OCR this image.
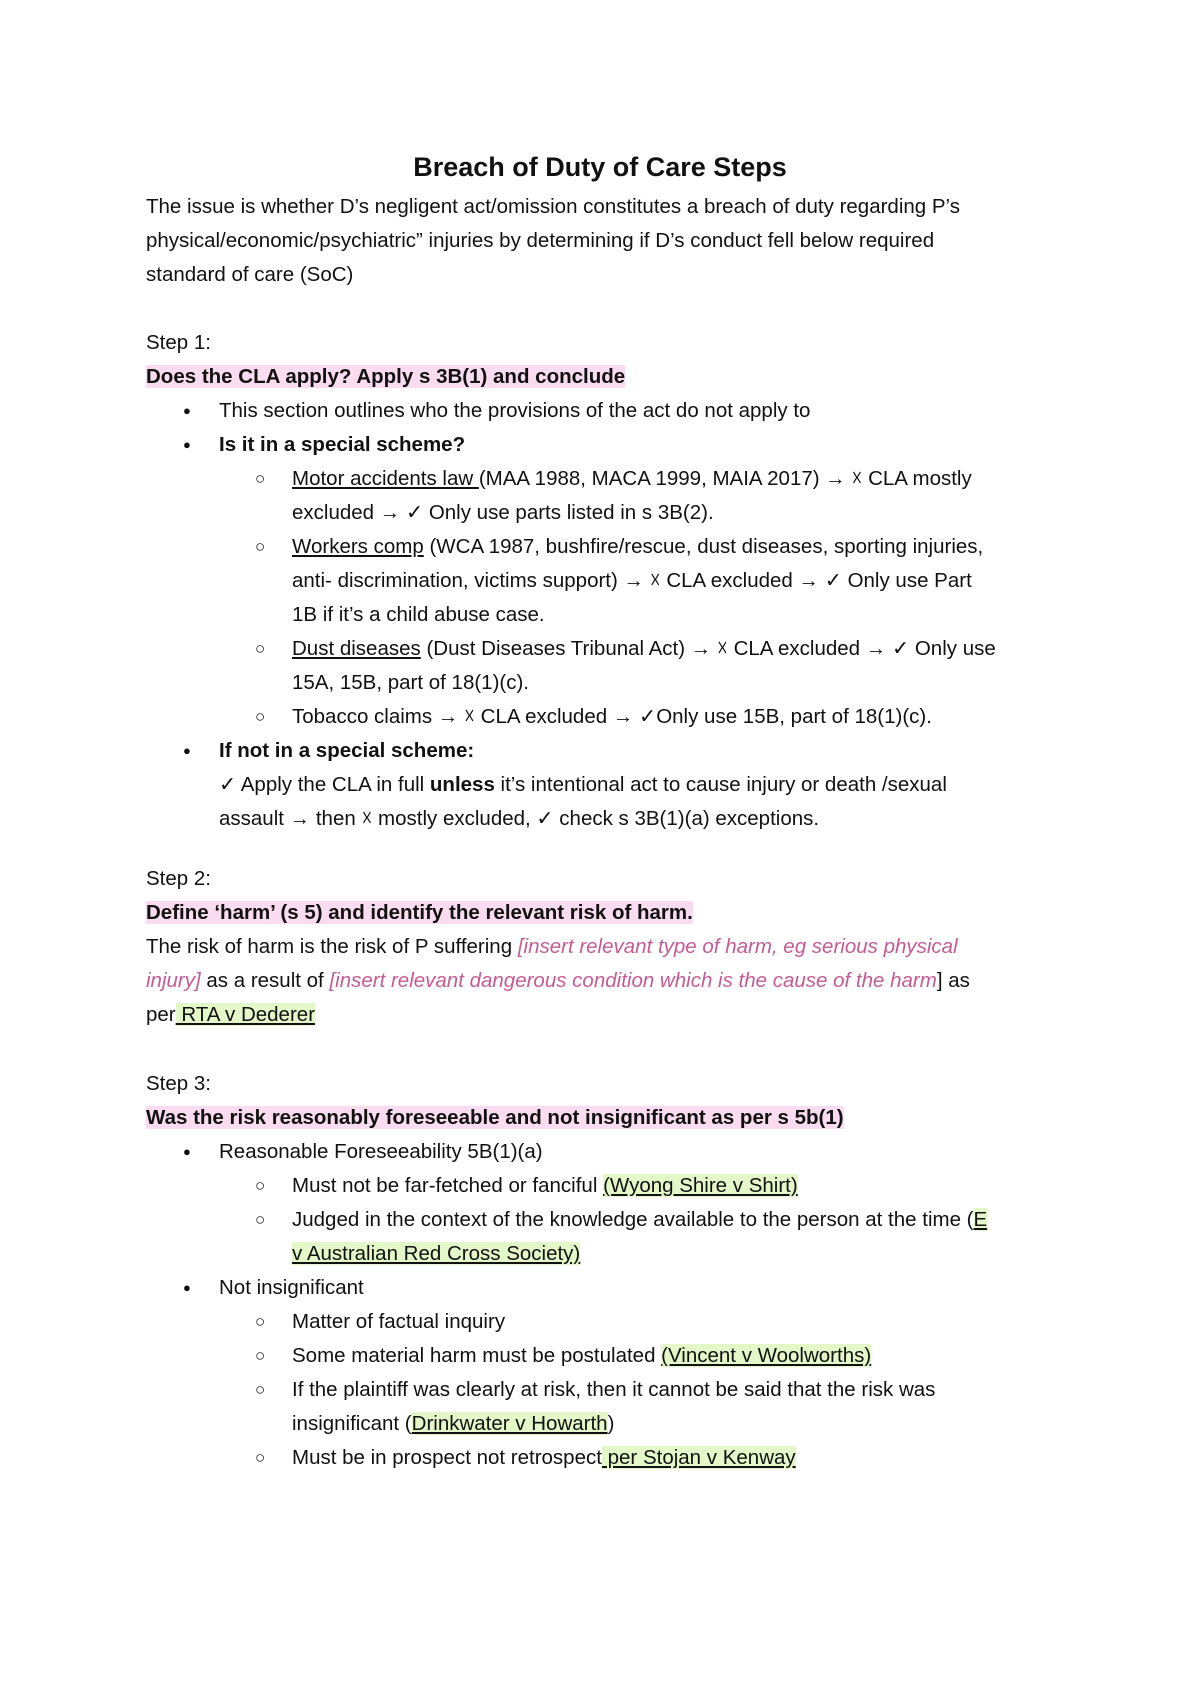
Breach of Duty of Care Steps
The issue is whether D’s negligent act/omission constitutes a breach of duty regarding P’s
physical/economic/psychiatric” injuries by determining if D’s conduct fell below required
standard of care (SoC)
Step 1:
Does the CLA apply? Apply s 3B(1) and conclude
● This section outlines who the provisions of the act do not apply to
● Is it in a special scheme?
○ Motor accidents law (MAA 1988, MACA 1999, MAIA 2017) → ☓ CLA mostly
excluded → ✓ Only use parts listed in s 3B(2).
○ Workers comp (WCA 1987, bushfire/rescue, dust diseases, sporting injuries,
anti- discrimination, victims support) → ☓ CLA excluded → ✓ Only use Part
1B if it’s a child abuse case.
○ Dust diseases (Dust Diseases Tribunal Act) → ☓ CLA excluded → ✓ Only use
15A, 15B, part of 18(1)(c).
○ Tobacco claims → ☓ CLA excluded → ✓Only use 15B, part of 18(1)(c).
● If not in a special scheme:
✓ Apply the CLA in full unless it’s intentional act to cause injury or death /sexual
assault → then ☓ mostly excluded, ✓ check s 3B(1)(a) exceptions.
Step 2:
Define ‘harm’ (s 5) and identify the relevant risk of harm.
The risk of harm is the risk of P suffering [insert relevant type of harm, eg serious physical
injury] as a result of [insert relevant dangerous condition which is the cause of the harm] as
per RTA v Dederer
Step 3:
Was the risk reasonably foreseeable and not insignificant as per s 5b(1)
● Reasonable Foreseeability 5B(1)(a)
○ Must not be far-fetched or fanciful (Wyong Shire v Shirt)
○ Judged in the context of the knowledge available to the person at the time (E
v Australian Red Cross Society)
● Not insignificant
○ Matter of factual inquiry
○ Some material harm must be postulated (Vincent v Woolworths)
○ If the plaintiff was clearly at risk, then it cannot be said that the risk was
insignificant (Drinkwater v Howarth)
○ Must be in prospect not retrospect per Stojan v Kenway
